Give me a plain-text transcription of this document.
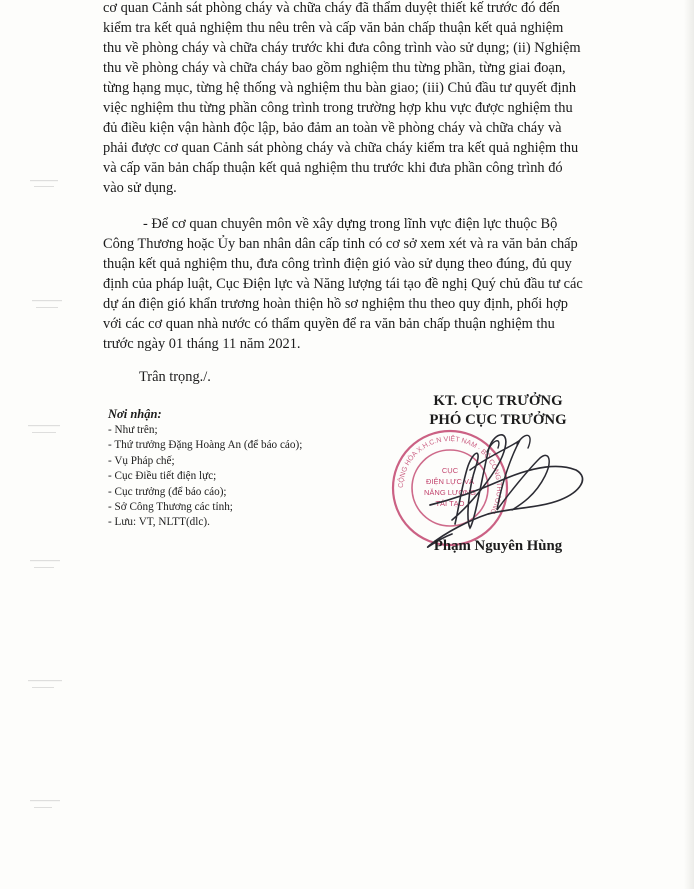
cơ quan Cảnh sát phòng cháy và chữa cháy đã thẩm duyệt thiết kế trước đó đến
kiểm tra kết quả nghiệm thu nêu trên và cấp văn bản chấp thuận kết quả nghiệm
thu về phòng cháy và chữa cháy trước khi đưa công trình vào sử dụng; (ii) Nghiệm
thu về phòng cháy và chữa cháy bao gồm nghiệm thu từng phần, từng giai đoạn,
từng hạng mục, từng hệ thống và nghiệm thu bàn giao; (iii) Chủ đầu tư quyết định
việc nghiệm thu từng phần công trình trong trường hợp khu vực được nghiệm thu
đủ điều kiện vận hành độc lập, bảo đảm an toàn về phòng cháy và chữa cháy và
phải được cơ quan Cảnh sát phòng cháy và chữa cháy kiểm tra kết quả nghiệm thu
và cấp văn bản chấp thuận kết quả nghiệm thu trước khi đưa phần công trình đó
vào sử dụng.
- Để cơ quan chuyên môn về xây dựng trong lĩnh vực điện lực thuộc Bộ
Công Thương hoặc Ủy ban nhân dân cấp tỉnh có cơ sở xem xét và ra văn bản chấp
thuận kết quả nghiệm thu, đưa công trình điện gió vào sử dụng theo đúng, đủ quy
định của pháp luật, Cục Điện lực và Năng lượng tái tạo đề nghị Quý chủ đầu tư các
dự án điện gió khẩn trương hoàn thiện hồ sơ nghiệm thu theo quy định, phối hợp
với các cơ quan nhà nước có thẩm quyền để ra văn bản chấp thuận nghiệm thu
trước ngày 01 tháng 11 năm 2021.
Trân trọng./.
Nơi nhận:
- Như trên;
- Thứ trưởng Đặng Hoàng An (để báo cáo);
- Vụ Pháp chế;
- Cục Điều tiết điện lực;
- Cục trưởng (để báo cáo);
- Sở Công Thương các tỉnh;
- Lưu: VT, NLTT(dlc).
KT. CỤC TRƯỞNG
PHÓ CỤC TRƯỞNG
CỘNG HÒA X.H.C.N VIỆT NAM · BỘ CÔNG THƯƠNG
CỤC
ĐIỆN LỰC VÀ
NĂNG LƯỢNG
TÁI TẠO
Phạm Nguyên Hùng
